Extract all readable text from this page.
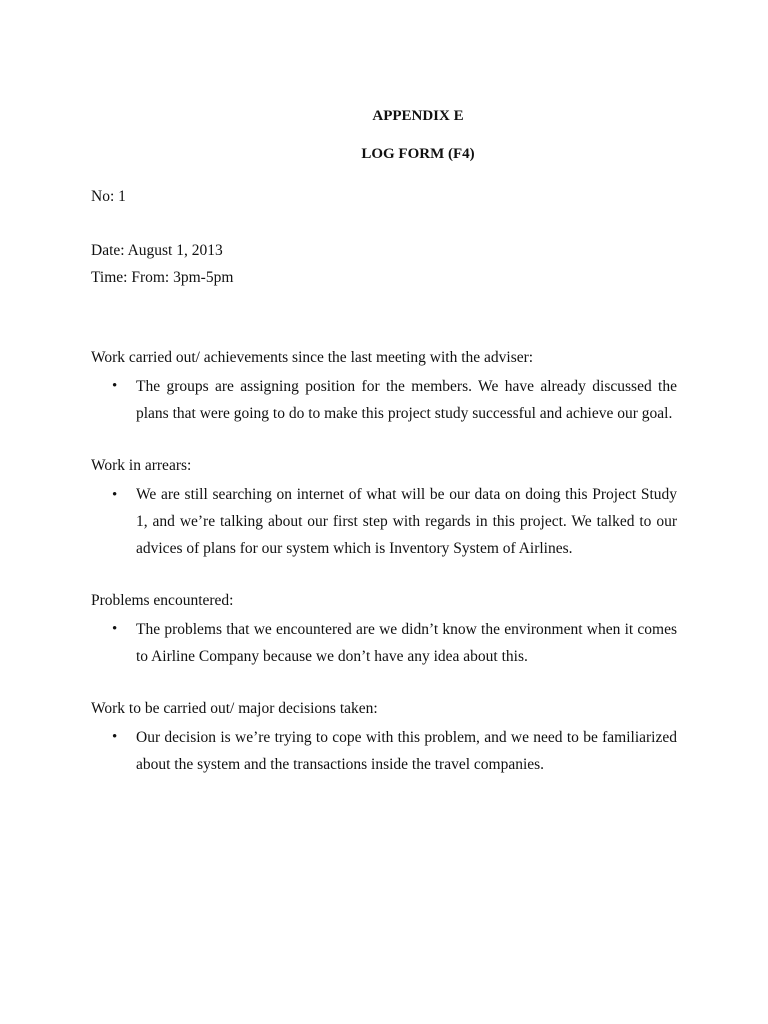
APPENDIX E
LOG FORM (F4)
No: 1
Date: August 1, 2013
Time: From: 3pm-5pm
Work carried out/ achievements since the last meeting with the adviser:
• The groups are assigning position for the members. We have already discussed the plans that were going to do to make this project study successful and achieve our goal.
Work in arrears:
• We are still searching on internet of what will be our data on doing this Project Study 1, and we’re talking about our first step with regards in this project. We talked to our advices of plans for our system which is Inventory System of Airlines.
Problems encountered:
• The problems that we encountered are we didn’t know the environment when it comes to Airline Company because we don’t have any idea about this.
Work to be carried out/ major decisions taken:
• Our decision is we’re trying to cope with this problem, and we need to be familiarized about the system and the transactions inside the travel companies.
